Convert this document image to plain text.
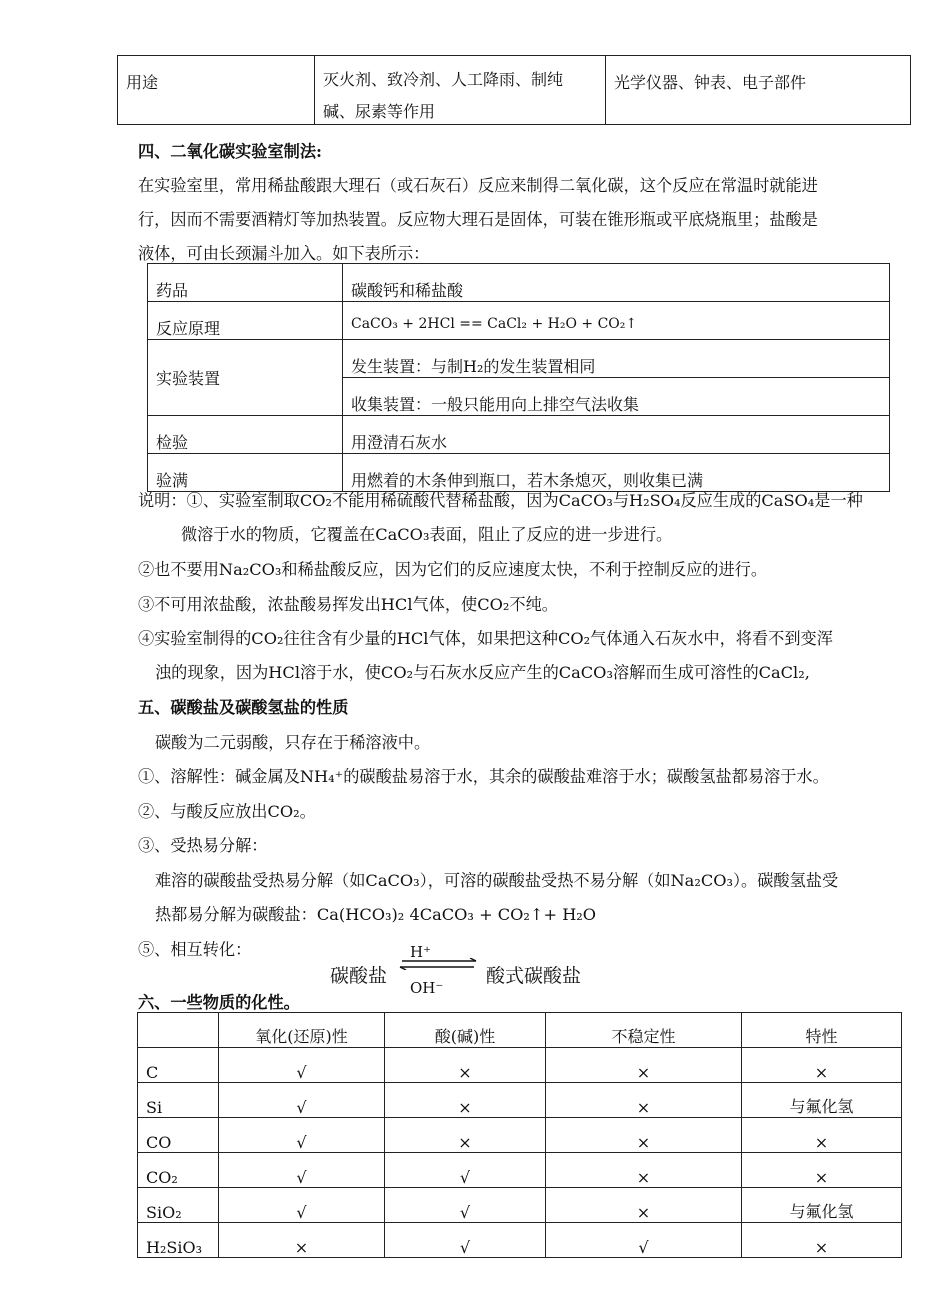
用途	灭火剂、致冷剂、人工降雨、制纯
碱、尿素等作用
	光学仪器、钟表、电子部件
四、二氧化碳实验室制法:
在实验室里，常用稀盐酸跟大理石（或石灰石）反应来制得二氧化碳，这个反应在常温时就能进
行，因而不需要酒精灯等加热装置。反应物大理石是固体，可装在锥形瓶或平底烧瓶里；盐酸是
液体，可由长颈漏斗加入。如下表所示：
药品	碳酸钙和稀盐酸
反应原理	CaCO₃ + 2HCl == CaCl₂ + H₂O + CO₂↑
实验装置	发生装置：与制H₂的发生装置相同
	收集装置：一般只能用向上排空气法收集
检验	用澄清石灰水
验满	用燃着的木条伸到瓶口，若木条熄灭，则收集已满
说明：①、实验室制取CO₂不能用稀硫酸代替稀盐酸，因为CaCO₃与H₂SO₄反应生成的CaSO₄是一种
微溶于水的物质，它覆盖在CaCO₃表面，阻止了反应的进一步进行。
②也不要用Na₂CO₃和稀盐酸反应，因为它们的反应速度太快，不利于控制反应的进行。
③不可用浓盐酸，浓盐酸易挥发出HCl气体，使CO₂不纯。
④实验室制得的CO₂往往含有少量的HCl气体，如果把这种CO₂气体通入石灰水中，将看不到变浑
浊的现象，因为HCl溶于水，使CO₂与石灰水反应产生的CaCO₃溶解而生成可溶性的CaCl₂,
五、碳酸盐及碳酸氢盐的性质
碳酸为二元弱酸，只存在于稀溶液中。
①、溶解性：碱金属及NH₄⁺的碳酸盐易溶于水，其余的碳酸盐难溶于水；碳酸氢盐都易溶于水。
②、与酸反应放出CO₂。
③、受热易分解：
难溶的碳酸盐受热易分解（如CaCO₃），可溶的碳酸盐受热不易分解（如Na₂CO₃）。碳酸氢盐受
热都易分解为碳酸盐：Ca(HCO₃)₂ 4CaCO₃ + CO₂↑+ H₂O
⑤、相互转化：
碳酸盐
H⁺
OH⁻
酸式碳酸盐
六、一些物质的化性。
	氧化(还原)性	酸(碱)性	不稳定性	特性
C	√	×	×	×
Si	√	×	×	与氟化氢
CO	√	×	×	×
CO₂	√	√	×	×
SiO₂	√	√	×	与氟化氢
H₂SiO₃	×	√	√	×
